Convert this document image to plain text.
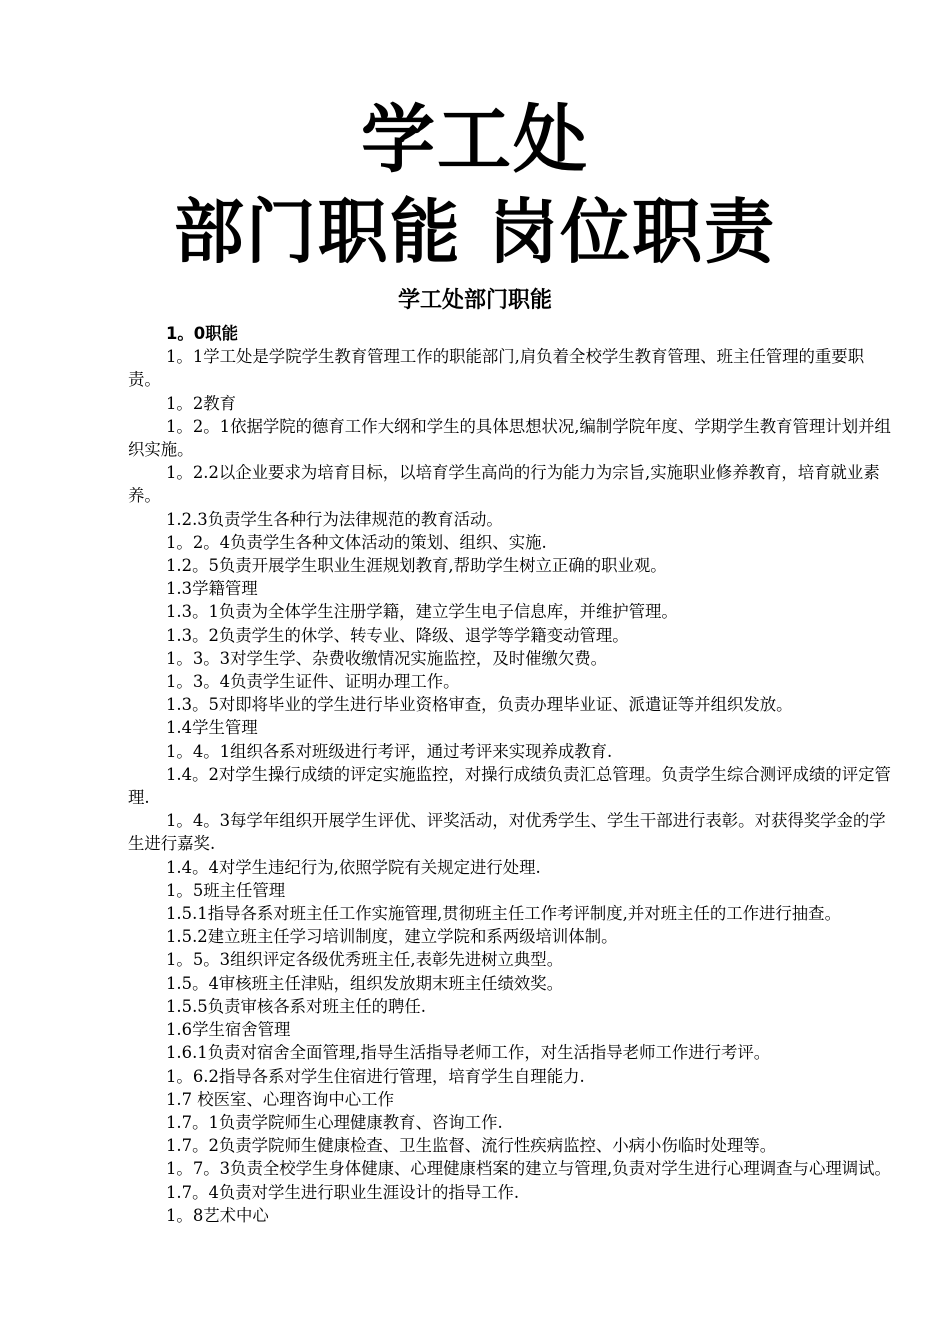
学工处
部门职能 岗位职责
学工处部门职能

1。0职能

1。1学工处是学院学生教育管理工作的职能部门,肩负着全校学生教育管理、班主任管理的重要职责。

1。2教育

1。2。1依据学院的德育工作大纲和学生的具体思想状况,编制学院年度、学期学生教育管理计划并组织实施。

1。2.2以企业要求为培育目标，以培育学生高尚的行为能力为宗旨,实施职业修养教育，培育就业素养。

1.2.3负责学生各种行为法律规范的教育活动。

1。2。4负责学生各种文体活动的策划、组织、实施.

1.2。5负责开展学生职业生涯规划教育,帮助学生树立正确的职业观。

1.3学籍管理

1.3。1负责为全体学生注册学籍，建立学生电子信息库，并维护管理。

1.3。2负责学生的休学、转专业、降级、退学等学籍变动管理。

1。3。3对学生学、杂费收缴情况实施监控，及时催缴欠费。

1。3。4负责学生证件、证明办理工作。

1.3。5对即将毕业的学生进行毕业资格审查，负责办理毕业证、派遣证等并组织发放。

1.4学生管理

1。4。1组织各系对班级进行考评，通过考评来实现养成教育.

1.4。2对学生操行成绩的评定实施监控，对操行成绩负责汇总管理。负责学生综合测评成绩的评定管理.

1。4。3每学年组织开展学生评优、评奖活动，对优秀学生、学生干部进行表彰。对获得奖学金的学生进行嘉奖.

1.4。4对学生违纪行为,依照学院有关规定进行处理.

1。5班主任管理

1.5.1指导各系对班主任工作实施管理,贯彻班主任工作考评制度,并对班主任的工作进行抽查。

1.5.2建立班主任学习培训制度，建立学院和系两级培训体制。

1。5。3组织评定各级优秀班主任,表彰先进树立典型。

1.5。4审核班主任津贴，组织发放期末班主任绩效奖。

1.5.5负责审核各系对班主任的聘任.

1.6学生宿舍管理

1.6.1负责对宿舍全面管理,指导生活指导老师工作，对生活指导老师工作进行考评。

1。6.2指导各系对学生住宿进行管理，培育学生自理能力.

1.7 校医室、心理咨询中心工作

1.7。1负责学院师生心理健康教育、咨询工作.

1.7。2负责学院师生健康检查、卫生监督、流行性疾病监控、小病小伤临时处理等。

1。7。3负责全校学生身体健康、心理健康档案的建立与管理,负责对学生进行心理调查与心理调试。

1.7。4负责对学生进行职业生涯设计的指导工作.

1。8艺术中心
